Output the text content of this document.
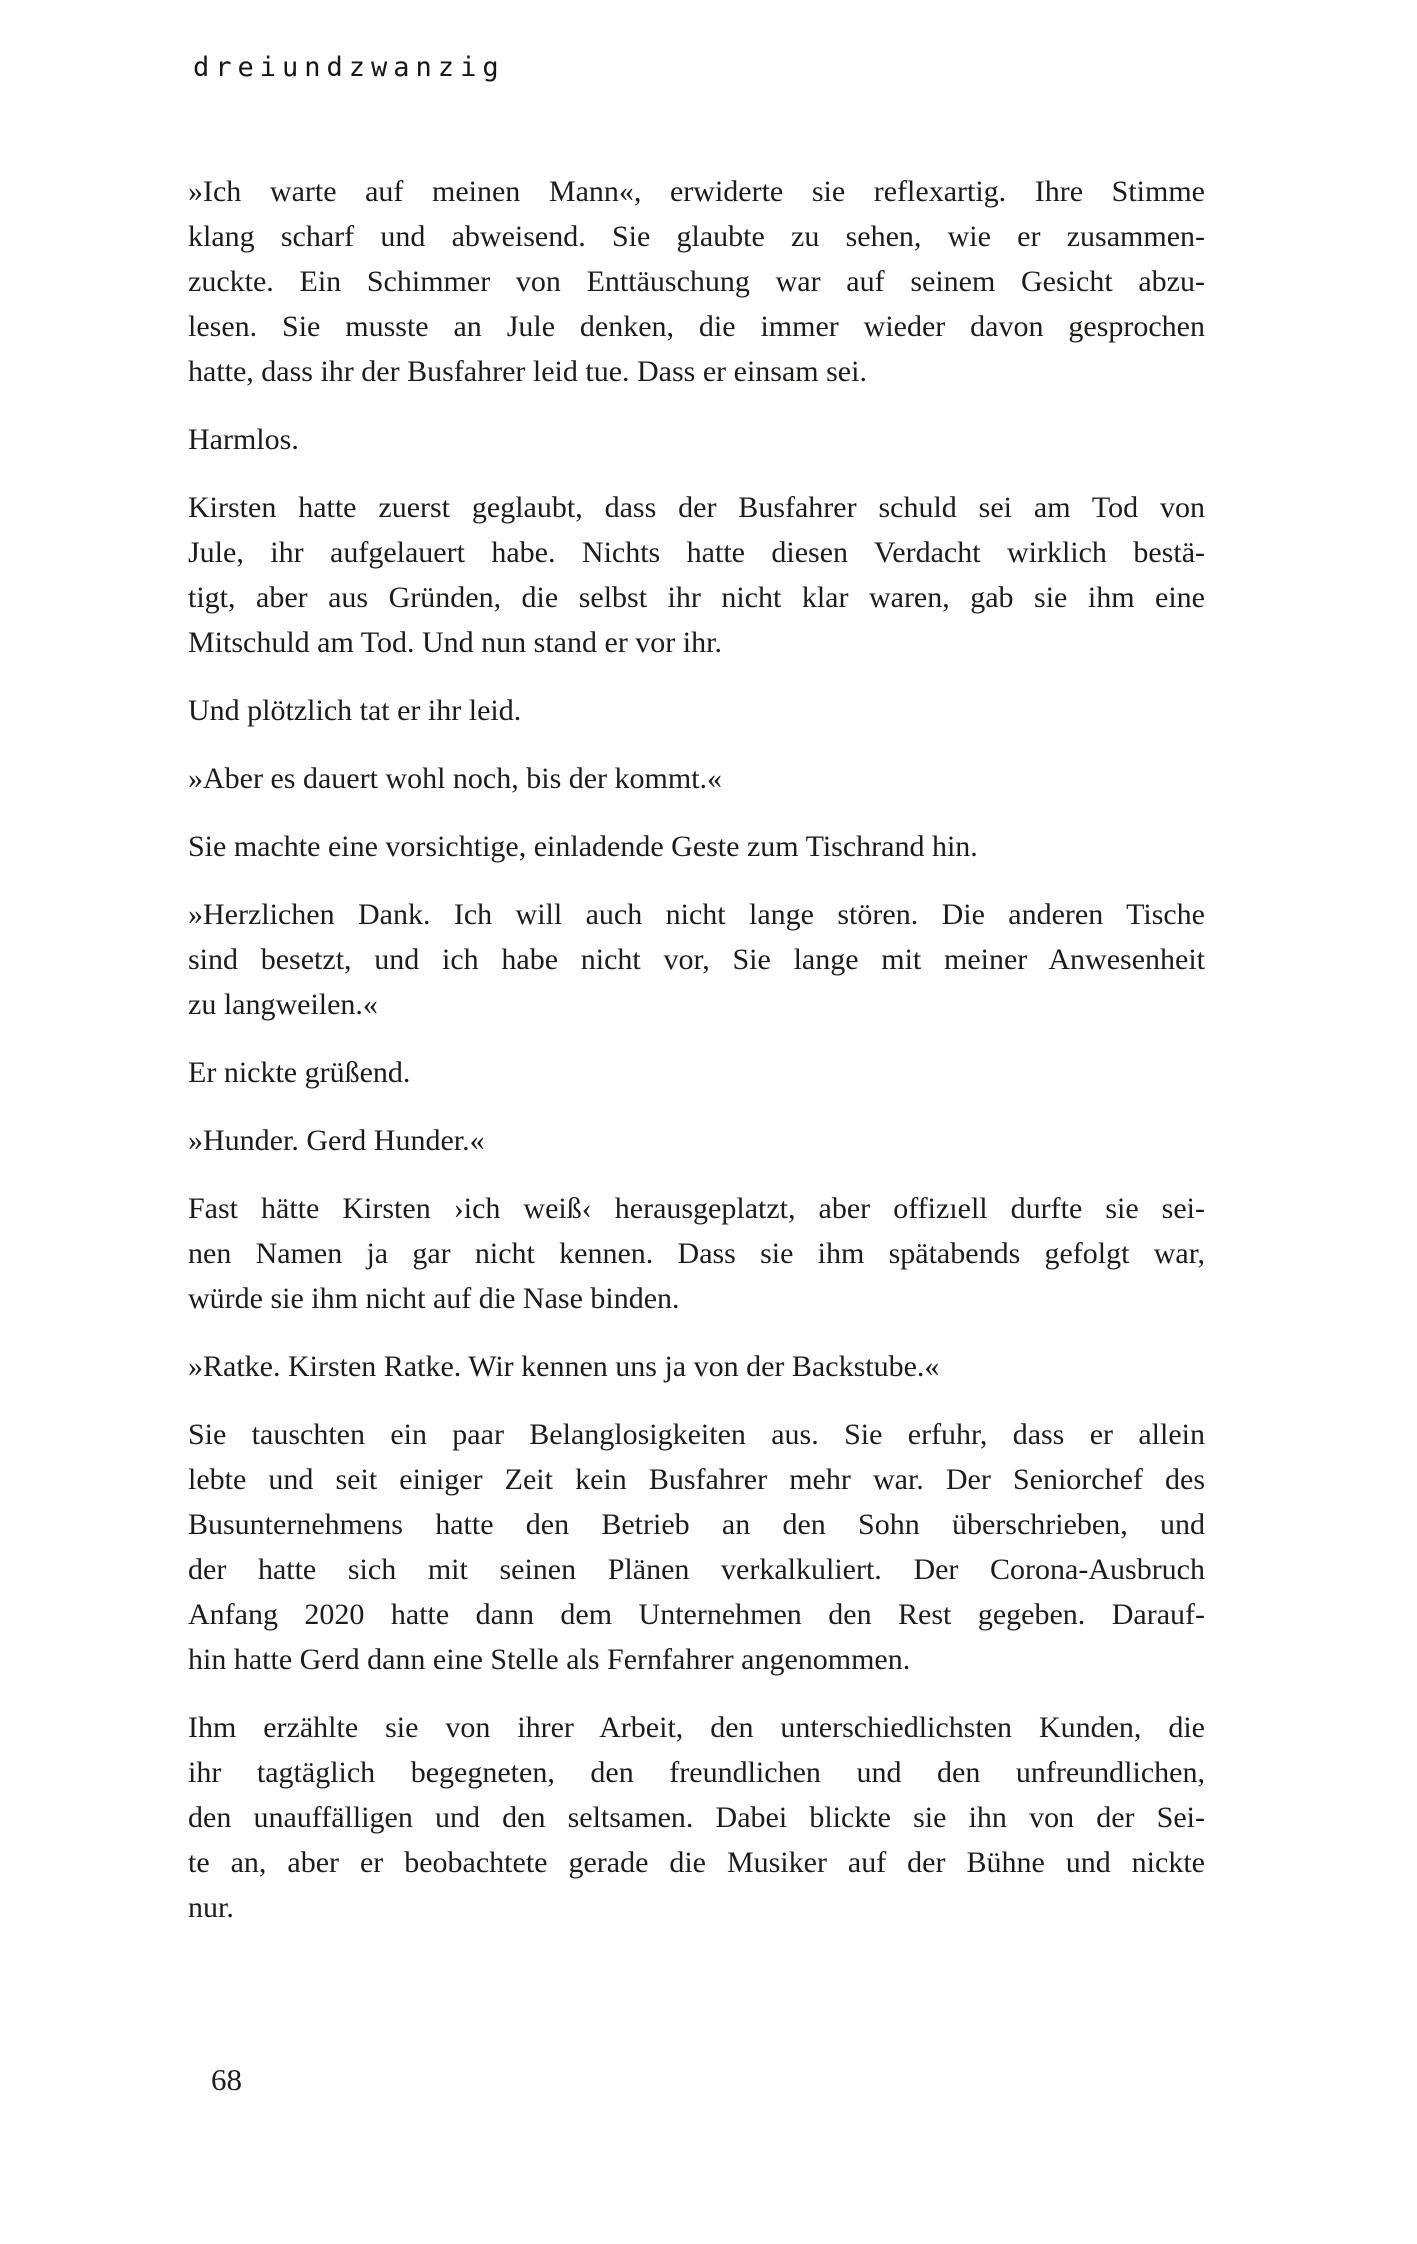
dreiundzwanzig

»Ich warte auf meinen Mann«, erwiderte sie reflexartig. Ihre Stimme
klang scharf und abweisend. Sie glaubte zu sehen, wie er zusammen-
zuckte. Ein Schimmer von Enttäuschung war auf seinem Gesicht abzu-
lesen. Sie musste an Jule denken, die immer wieder davon gesprochen
hatte, dass ihr der Busfahrer leid tue. Dass er einsam sei.

Harmlos.

Kirsten hatte zuerst geglaubt, dass der Busfahrer schuld sei am Tod von
Jule, ihr aufgelauert habe. Nichts hatte diesen Verdacht wirklich bestä-
tigt, aber aus Gründen, die selbst ihr nicht klar waren, gab sie ihm eine
Mitschuld am Tod. Und nun stand er vor ihr.

Und plötzlich tat er ihr leid.

»Aber es dauert wohl noch, bis der kommt.«

Sie machte eine vorsichtige, einladende Geste zum Tischrand hin.

»Herzlichen Dank. Ich will auch nicht lange stören. Die anderen Tische
sind besetzt, und ich habe nicht vor, Sie lange mit meiner Anwesenheit
zu langweilen.«

Er nickte grüßend.

»Hunder. Gerd Hunder.«

Fast hätte Kirsten ›ich weiß‹ herausgeplatzt, aber offizıell durfte sie sei-
nen Namen ja gar nicht kennen. Dass sie ihm spätabends gefolgt war,
würde sie ihm nicht auf die Nase binden.

»Ratke. Kirsten Ratke. Wir kennen uns ja von der Backstube.«

Sie tauschten ein paar Belanglosigkeiten aus. Sie erfuhr, dass er allein
lebte und seit einiger Zeit kein Busfahrer mehr war. Der Seniorchef des
Busunternehmens hatte den Betrieb an den Sohn überschrieben, und
der hatte sich mit seinen Plänen verkalkuliert. Der Corona-Ausbruch
Anfang 2020 hatte dann dem Unternehmen den Rest gegeben. Darauf-
hin hatte Gerd dann eine Stelle als Fernfahrer angenommen.

Ihm erzählte sie von ihrer Arbeit, den unterschiedlichsten Kunden, die
ihr tagtäglich begegneten, den freundlichen und den unfreundlichen,
den unauffälligen und den seltsamen. Dabei blickte sie ihn von der Sei-
te an, aber er beobachtete gerade die Musiker auf der Bühne und nickte
nur.

68
